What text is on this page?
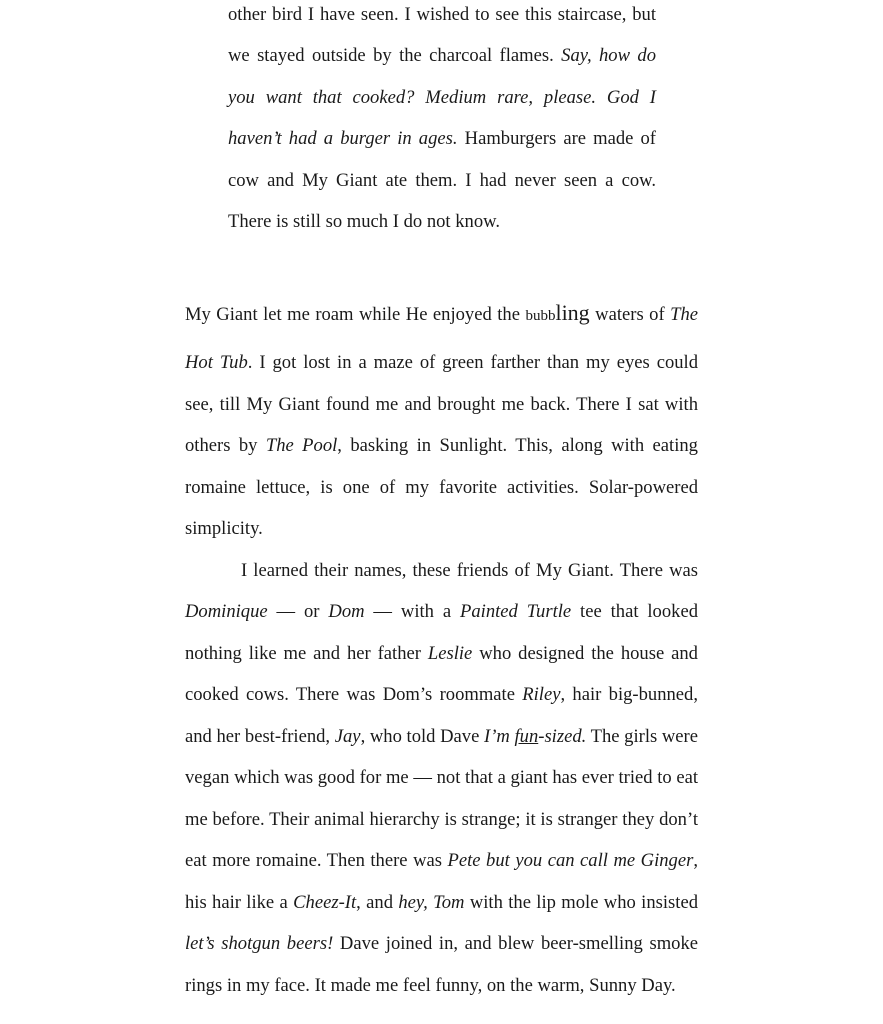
other bird I have seen. I wished to see this staircase, but we stayed outside by the charcoal flames. Say, how do you want that cooked? Medium rare, please. God I haven’t had a burger in ages. Hamburgers are made of cow and My Giant ate them. I had never seen a cow. There is still so much I do not know.

My Giant let me roam while He enjoyed the bubbling waters of The Hot Tub. I got lost in a maze of green farther than my eyes could see, till My Giant found me and brought me back. There I sat with others by The Pool, basking in Sunlight. This, along with eating romaine lettuce, is one of my favorite activities. Solar-powered simplicity.

I learned their names, these friends of My Giant. There was Dominique — or Dom — with a Painted Turtle tee that looked nothing like me and her father Leslie who designed the house and cooked cows. There was Dom’s roommate Riley, hair big-bunned, and her best-friend, Jay, who told Dave I’m fun-sized. The girls were vegan which was good for me — not that a giant has ever tried to eat me before. Their animal hierarchy is strange; it is stranger they don’t eat more romaine. Then there was Pete but you can call me Ginger, his hair like a Cheez-It, and hey, Tom with the lip mole who insisted let’s shotgun beers! Dave joined in, and blew beer-smelling smoke rings in my face. It made me feel funny, on the warm, Sunny Day.
